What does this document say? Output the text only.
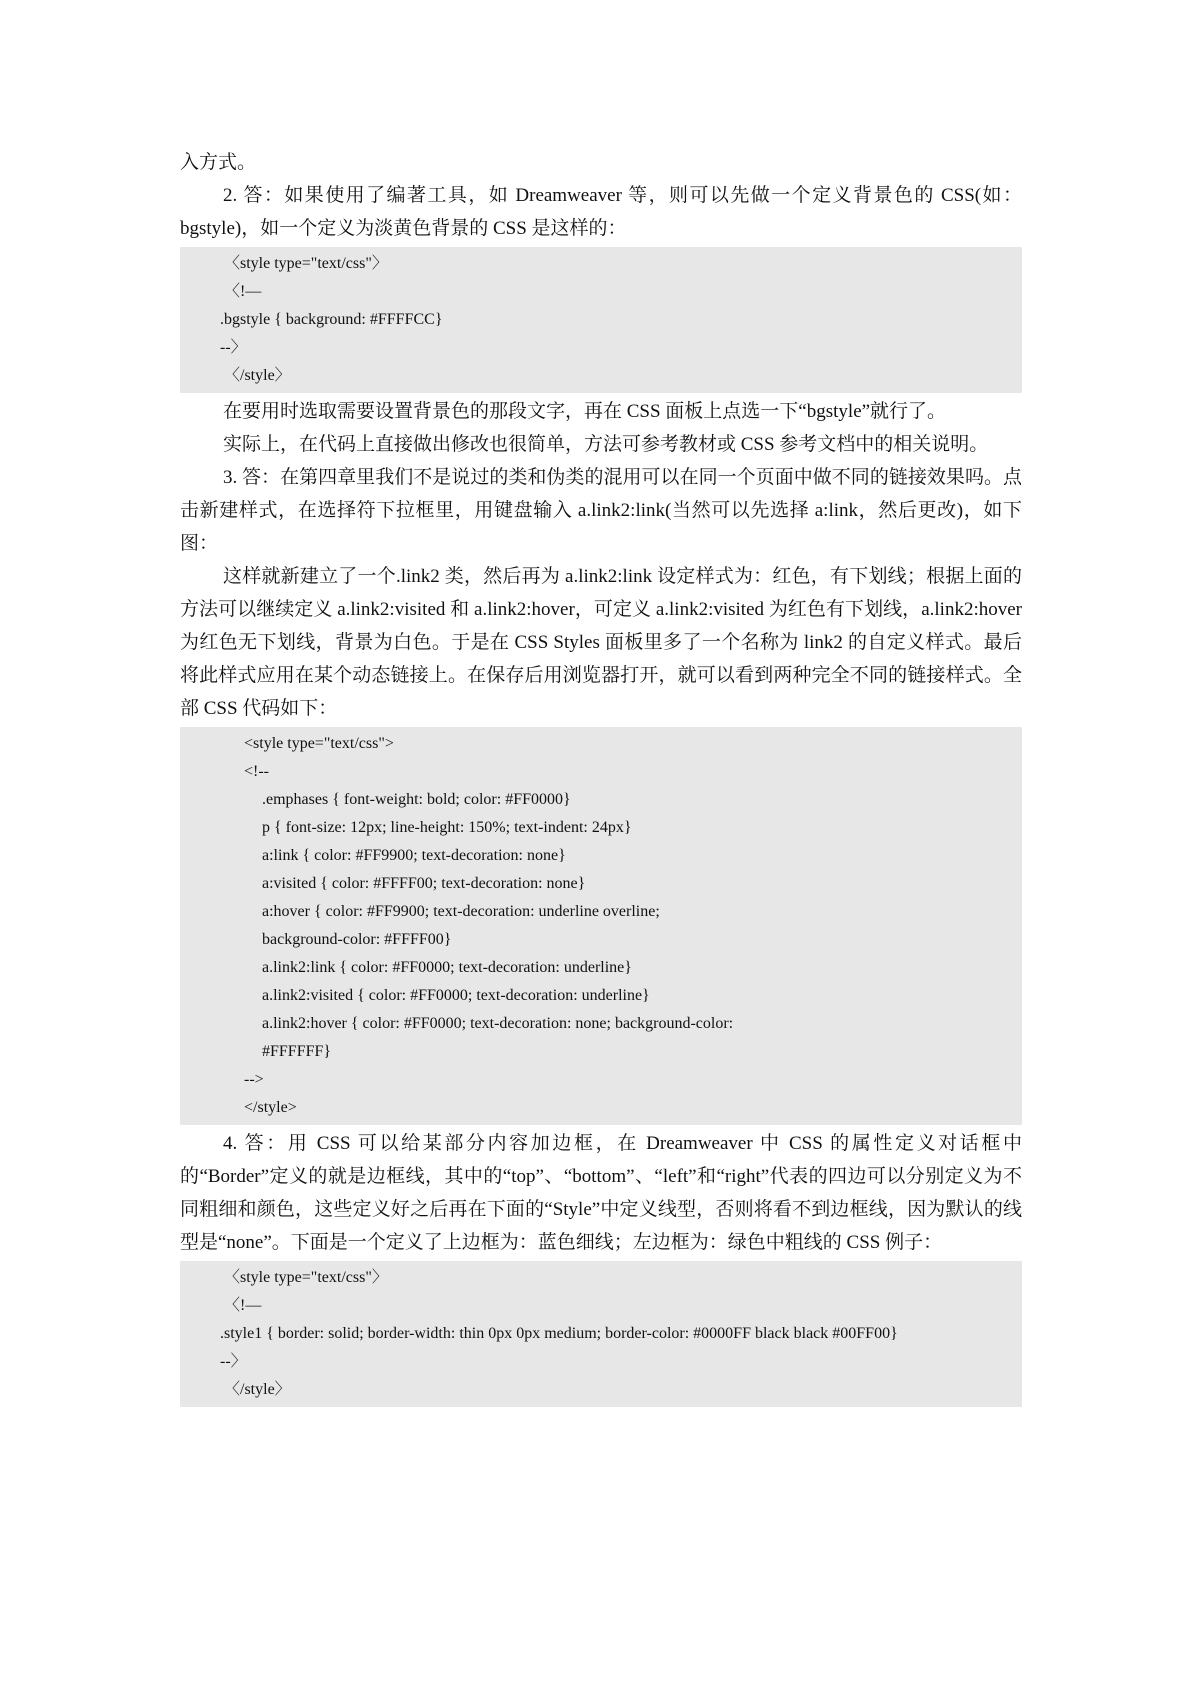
入方式。

2. 答：如果使用了编著工具，如 Dreamweaver 等，则可以先做一个定义背景色的 CSS(如：bgstyle)，如一个定义为淡黄色背景的 CSS 是这样的：

〈style type="text/css"〉
〈!—
.bgstyle { background: #FFFFCC}
--〉
〈/style〉

在要用时选取需要设置背景色的那段文字，再在 CSS 面板上点选一下“bgstyle”就行了。

实际上，在代码上直接做出修改也很简单，方法可参考教材或 CSS 参考文档中的相关说明。

3. 答：在第四章里我们不是说过的类和伪类的混用可以在同一个页面中做不同的链接效果吗。点击新建样式，在选择符下拉框里，用键盘输入 a.link2:link(当然可以先选择 a:link，然后更改)，如下图：

这样就新建立了一个.link2 类，然后再为 a.link2:link 设定样式为：红色，有下划线；根据上面的方法可以继续定义 a.link2:visited 和 a.link2:hover，可定义 a.link2:visited 为红色有下划线，a.link2:hover 为红色无下划线，背景为白色。于是在 CSS Styles 面板里多了一个名称为 link2 的自定义样式。最后将此样式应用在某个动态链接上。在保存后用浏览器打开，就可以看到两种完全不同的链接样式。全部 CSS 代码如下：

<style type="text/css">
<!--
.emphases { font-weight: bold; color: #FF0000}
p { font-size: 12px; line-height: 150%; text-indent: 24px}
a:link { color: #FF9900; text-decoration: none}
a:visited { color: #FFFF00; text-decoration: none}
a:hover { color: #FF9900; text-decoration: underline overline;
background-color: #FFFF00}
a.link2:link { color: #FF0000; text-decoration: underline}
a.link2:visited { color: #FF0000; text-decoration: underline}
a.link2:hover { color: #FF0000; text-decoration: none; background-color:
#FFFFFF}
-->
</style>

4. 答：用 CSS 可以给某部分内容加边框，在 Dreamweaver 中 CSS 的属性定义对话框中的“Border”定义的就是边框线，其中的“top”、“bottom”、“left”和“right”代表的四边可以分别定义为不同粗细和颜色，这些定义好之后再在下面的“Style”中定义线型，否则将看不到边框线，因为默认的线型是“none”。下面是一个定义了上边框为：蓝色细线；左边框为：绿色中粗线的 CSS 例子：

〈style type="text/css"〉
〈!—
.style1 { border: solid; border-width: thin 0px 0px medium; border-color: #0000FF black black #00FF00}
--〉
〈/style〉
